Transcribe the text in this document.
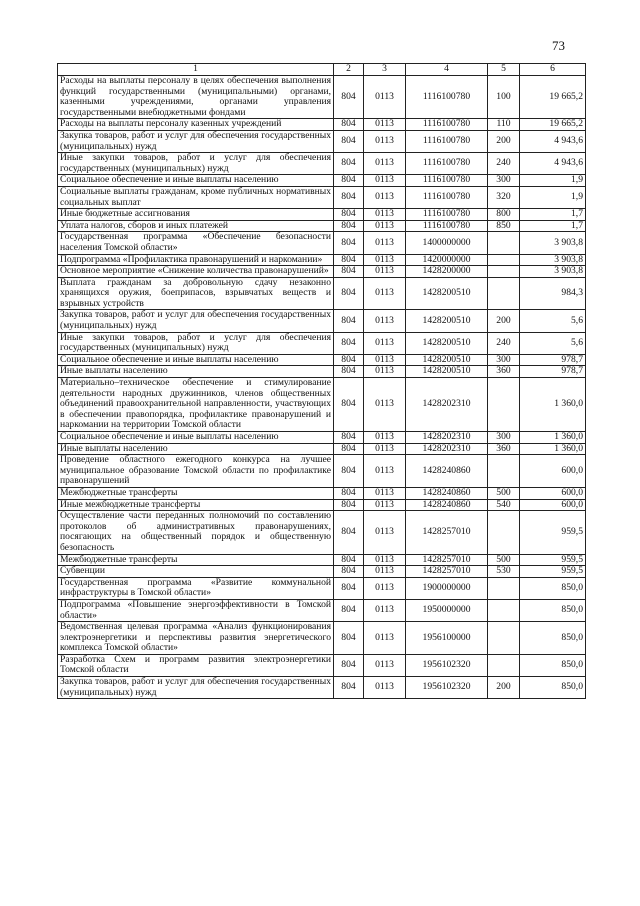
73
1	2	3	4	5	6
Расходы на выплаты персоналу в целях обеспечения выполнения функций государственными (муниципальными) органами, казенными учреждениями, органами управления государственными внебюджетными фондами	804	0113	1116100780	100	19 665,2
Расходы на выплаты персоналу казенных учреждений	804	0113	1116100780	110	19 665,2
Закупка товаров, работ и услуг для обеспечения государственных (муниципальных) нужд	804	0113	1116100780	200	4 943,6
Иные закупки товаров, работ и услуг для обеспечения государственных (муниципальных) нужд	804	0113	1116100780	240	4 943,6
Социальное обеспечение и иные выплаты населению	804	0113	1116100780	300	1,9
Социальные выплаты гражданам, кроме публичных нормативных социальных выплат	804	0113	1116100780	320	1,9
Иные бюджетные ассигнования	804	0113	1116100780	800	1,7
Уплата налогов, сборов и иных платежей	804	0113	1116100780	850	1,7
Государственная программа «Обеспечение безопасности населения Томской области»	804	0113	1400000000		3 903,8
Подпрограмма «Профилактика правонарушений и наркомании»	804	0113	1420000000		3 903,8
Основное мероприятие «Снижение количества правонарушений»	804	0113	1428200000		3 903,8
Выплата гражданам за добровольную сдачу незаконно хранящихся оружия, боеприпасов, взрывчатых веществ и взрывных устройств	804	0113	1428200510		984,3
Закупка товаров, работ и услуг для обеспечения государственных (муниципальных) нужд	804	0113	1428200510	200	5,6
Иные закупки товаров, работ и услуг для обеспечения государственных (муниципальных) нужд	804	0113	1428200510	240	5,6
Социальное обеспечение и иные выплаты населению	804	0113	1428200510	300	978,7
Иные выплаты населению	804	0113	1428200510	360	978,7
Материально–техническое обеспечение и стимулирование деятельности народных дружинников, членов общественных объединений правоохранительной направленности, участвующих в обеспечении правопорядка, профилактике правонарушений и наркомании на территории Томской области	804	0113	1428202310		1 360,0
Социальное обеспечение и иные выплаты населению	804	0113	1428202310	300	1 360,0
Иные выплаты населению	804	0113	1428202310	360	1 360,0
Проведение областного ежегодного конкурса на лучшее муниципальное образование Томской области по профилактике правонарушений	804	0113	1428240860		600,0
Межбюджетные трансферты	804	0113	1428240860	500	600,0
Иные межбюджетные трансферты	804	0113	1428240860	540	600,0
Осуществление части переданных полномочий по составлению протоколов об административных правонарушениях, посягающих на общественный порядок и общественную безопасность	804	0113	1428257010		959,5
Межбюджетные трансферты	804	0113	1428257010	500	959,5
Субвенции	804	0113	1428257010	530	959,5
Государственная программа «Развитие коммунальной инфраструктуры в Томской области»	804	0113	1900000000		850,0
Подпрограмма «Повышение энергоэффективности в Томской области»	804	0113	1950000000		850,0
Ведомственная целевая программа «Анализ функционирования электроэнергетики и перспективы развития энергетического комплекса Томской области»	804	0113	1956100000		850,0
Разработка Схем и программ развития электроэнергетики Томской области	804	0113	1956102320		850,0
Закупка товаров, работ и услуг для обеспечения государственных (муниципальных) нужд	804	0113	1956102320	200	850,0
